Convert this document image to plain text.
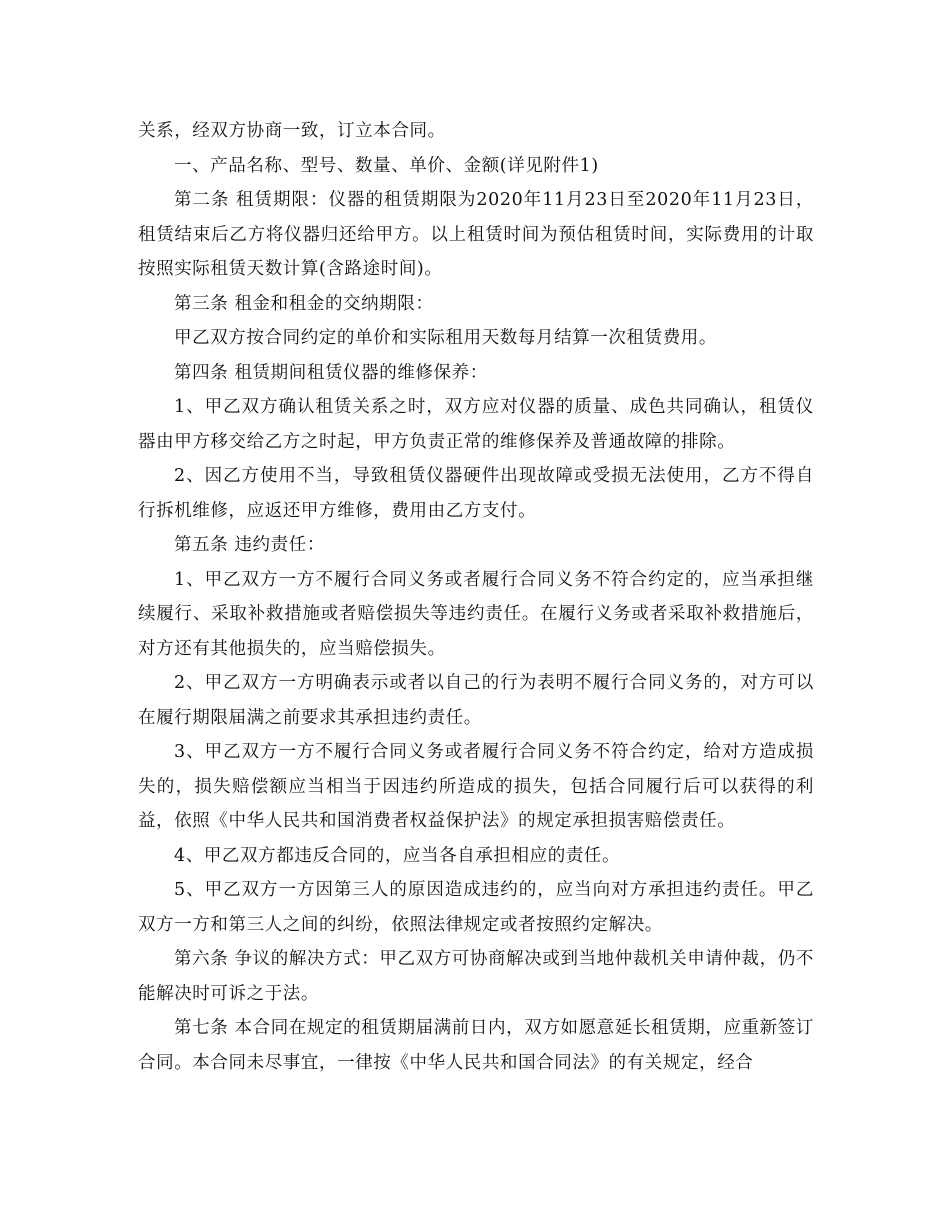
关系，经双方协商一致，订立本合同。

一、产品名称、型号、数量、单价、金额(详见附件1)

第二条 租赁期限：仪器的租赁期限为2020年11月23日至2020年11月23日，租赁结束后乙方将仪器归还给甲方。以上租赁时间为预估租赁时间，实际费用的计取按照实际租赁天数计算(含路途时间)。

第三条 租金和租金的交纳期限：

甲乙双方按合同约定的单价和实际租用天数每月结算一次租赁费用。

第四条 租赁期间租赁仪器的维修保养：

1、甲乙双方确认租赁关系之时，双方应对仪器的质量、成色共同确认，租赁仪器由甲方移交给乙方之时起，甲方负责正常的维修保养及普通故障的排除。

2、因乙方使用不当，导致租赁仪器硬件出现故障或受损无法使用，乙方不得自行拆机维修，应返还甲方维修，费用由乙方支付。

第五条 违约责任：

1、甲乙双方一方不履行合同义务或者履行合同义务不符合约定的，应当承担继续履行、采取补救措施或者赔偿损失等违约责任。在履行义务或者采取补救措施后，对方还有其他损失的，应当赔偿损失。

2、甲乙双方一方明确表示或者以自己的行为表明不履行合同义务的，对方可以在履行期限届满之前要求其承担违约责任。

3、甲乙双方一方不履行合同义务或者履行合同义务不符合约定，给对方造成损失的，损失赔偿额应当相当于因违约所造成的损失，包括合同履行后可以获得的利益，依照《中华人民共和国消费者权益保护法》的规定承担损害赔偿责任。

4、甲乙双方都违反合同的，应当各自承担相应的责任。

5、甲乙双方一方因第三人的原因造成违约的，应当向对方承担违约责任。甲乙双方一方和第三人之间的纠纷，依照法律规定或者按照约定解决。

第六条 争议的解决方式：甲乙双方可协商解决或到当地仲裁机关申请仲裁，仍不能解决时可诉之于法。

第七条 本合同在规定的租赁期届满前日内，双方如愿意延长租赁期，应重新签订合同。本合同未尽事宜，一律按《中华人民共和国合同法》的有关规定，经合
